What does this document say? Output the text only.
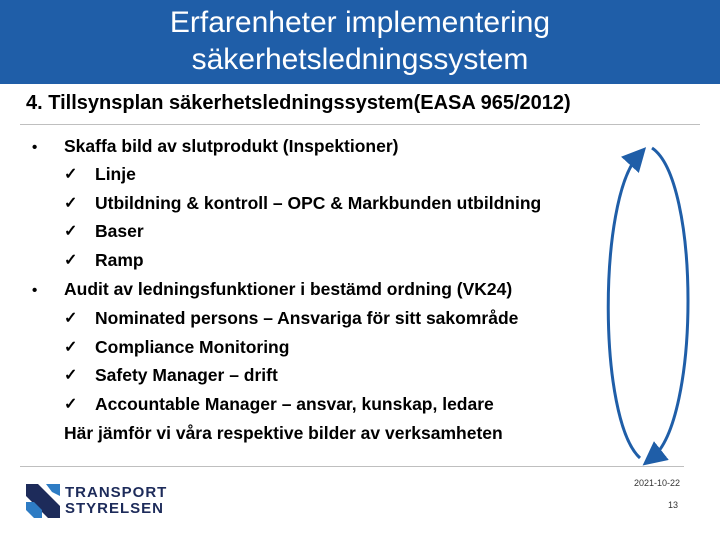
Erfarenheter implementering
säkerhetsledningssystem
4. Tillsynsplan säkerhetsledningssystem(EASA 965/2012)
• Skaffa bild av slutprodukt (Inspektioner)
✓ Linje
✓ Utbildning & kontroll – OPC & Markbunden utbildning
✓ Baser
✓ Ramp
• Audit av ledningsfunktioner i bestämd ordning (VK24)
✓ Nominated persons – Ansvariga för sitt sakområde
✓ Compliance Monitoring
✓ Safety Manager – drift
✓ Accountable Manager – ansvar, kunskap, ledare
Här jämför vi våra respektive bilder av verksamheten
2021-10-22
13
TRANSPORT
STYRELSEN
